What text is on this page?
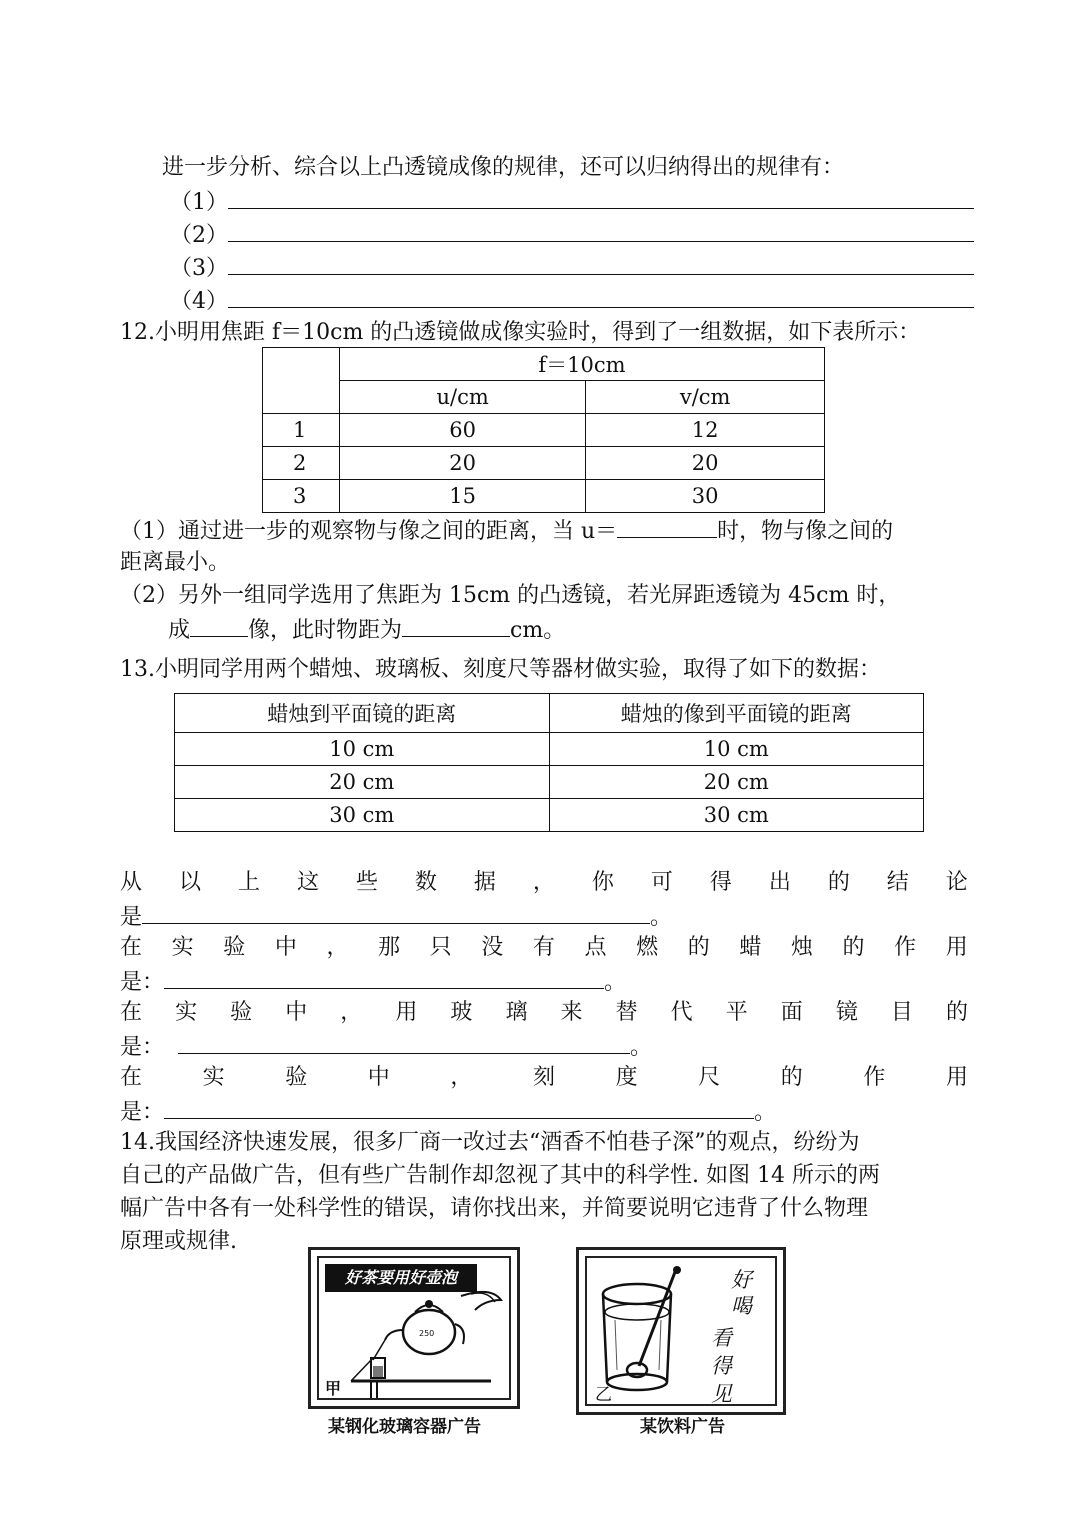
进一步分析、综合以上凸透镜成像的规律，还可以归纳得出的规律有：
（1）
（2）
（3）
（4）
12.小明用焦距 f＝10cm 的凸透镜做成像实验时，得到了一组数据，如下表所示：
	f＝10cm	
	u/cm	v/cm
1	60	12
2	20	20
3	15	30
（1）通过进一步的观察物与像之间的距离，当 u＝	时，物与像之间的
距离最小。
（2）另外一组同学选用了焦距为 15cm 的凸透镜，若光屏距透镜为 45cm 时，
成	像，此时物距为	cm。
13.小明同学用两个蜡烛、玻璃板、刻度尺等器材做实验，取得了如下的数据：
蜡烛到平面镜的距离	蜡烛的像到平面镜的距离
10 cm	10 cm
20 cm	20 cm
30 cm	30 cm
从 以 上 这 些 数 据 ， 你 可 得 出 的 结 论
是	。
在 实 验 中 ， 那 只 没 有 点 燃 的 蜡 烛 的 作 用
是：	。
在 实 验 中 ， 用 玻 璃 来 替 代 平 面 镜 目 的
是：	。
在	实	验	中	，	刻	度	尺	的	作	用
是：	。
14.我国经济快速发展，很多厂商一改过去“酒香不怕巷子深”的观点，纷纷为
自己的产品做广告，但有些广告制作却忽视了其中的科学性. 如图 14 所示的两
幅广告中各有一处科学性的错误，请你找出来，并简要说明它违背了什么物理
原理或规律.
好茶要用好壶泡
250
甲
某钢化玻璃容器广告
好
喝
看
得
见
乙
某饮料广告
